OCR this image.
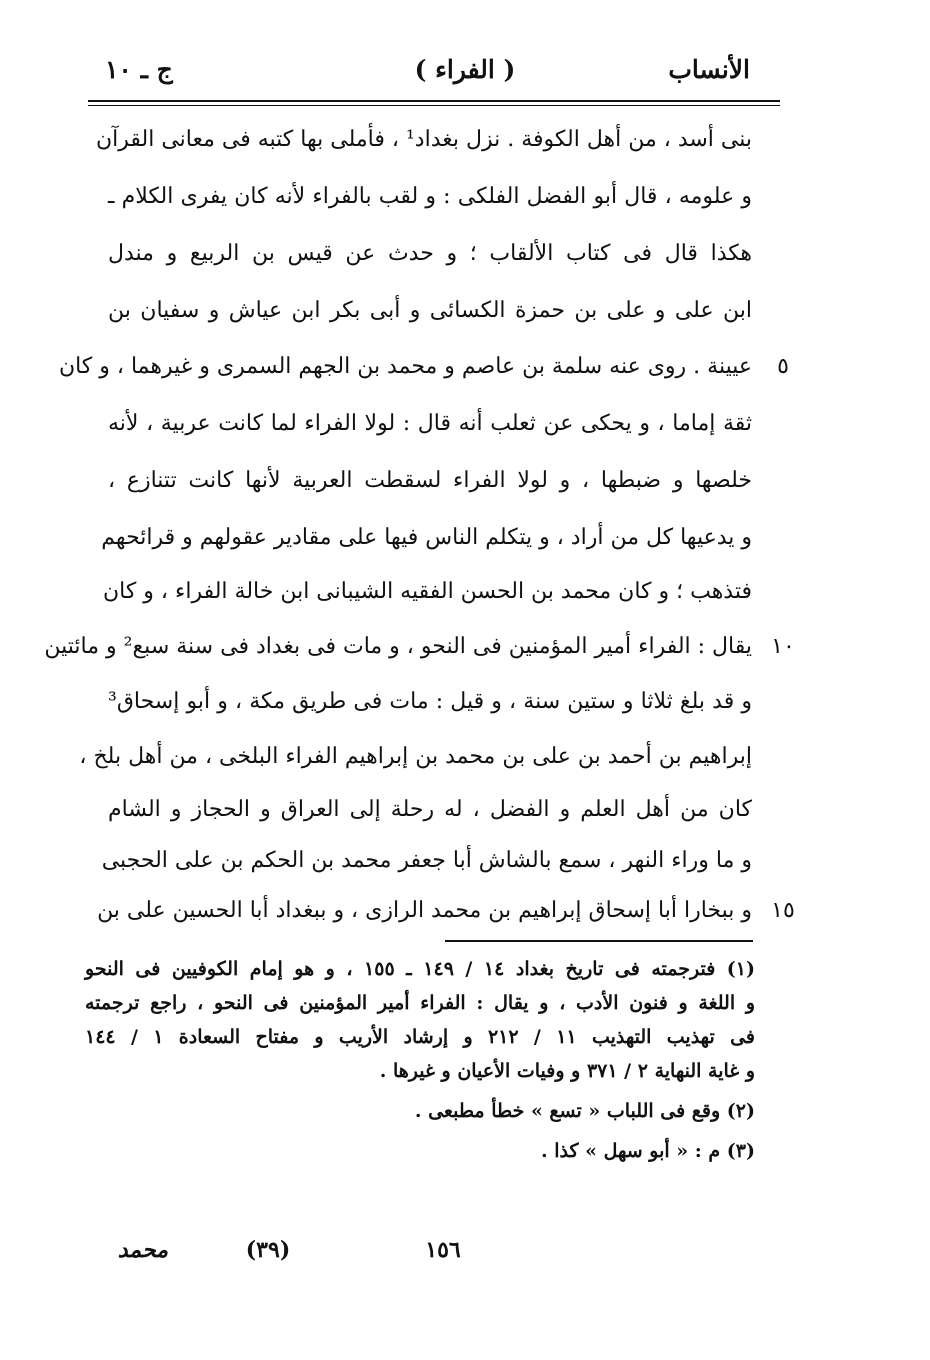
الأنساب
( الفراء )
ج ـ ١٠
بنى أسد ، من أهل الكوفة . نزل بغداد¹ ، فأملى بها كتبه فى معانى القرآن
و علومه ، قال أبو الفضل الفلكى : و لقب بالفراء لأنه كان يفرى الكلام ـ
هكذا قال فى كتاب الألقاب ؛ و حدث عن قيس بن الربيع و مندل
ابن على و على بن حمزة الكسائى و أبى بكر ابن عياش و سفيان بن
عيينة . روى عنه سلمة بن عاصم و محمد بن الجهم السمرى و غيرهما ، و كان
ثقة إماما ، و يحكى عن ثعلب أنه قال : لولا الفراء لما كانت عربية ، لأنه
خلصها و ضبطها ، و لولا الفراء لسقطت العربية لأنها كانت تتنازع ،
و يدعيها كل من أراد ، و يتكلم الناس فيها على مقادير عقولهم و قرائحهم
فتذهب ؛ و كان محمد بن الحسن الفقيه الشيبانى ابن خالة الفراء ، و كان
يقال : الفراء أمير المؤمنين فى النحو ، و مات فى بغداد فى سنة سبع² و مائتين
و قد بلغ ثلاثا و ستين سنة ، و قيل : مات فى طريق مكة ، و أبو إسحاق³
إبراهيم بن أحمد بن على بن محمد بن إبراهيم الفراء البلخى ، من أهل بلخ ،
كان من أهل العلم و الفضل ، له رحلة إلى العراق و الحجاز و الشام
و ما وراء النهر ، سمع بالشاش أبا جعفر محمد بن الحكم بن على الحجبى
و ببخارا أبا إسحاق إبراهيم بن محمد الرازى ، و ببغداد أبا الحسين على بن
٥
١٠
١٥
(١) فترجمته فى تاريخ بغداد ١٤ / ١٤٩ ـ ١٥٥ ، و هو إمام الكوفيين فى النحو
و اللغة و فنون الأدب ، و يقال : الفراء أمير المؤمنين فى النحو ، راجع ترجمته
فى تهذيب التهذيب ١١ / ٢١٢ و إرشاد الأريب و مفتاح السعادة ١ / ١٤٤
و غاية النهاية ٢ / ٣٧١ و وفيات الأعيان و غيرها .
(٢) وقع فى اللباب « تسع » خطأ مطبعى .
(٣) م : « أبو سهل » كذا .
١٥٦
(٣٩)
محمد
